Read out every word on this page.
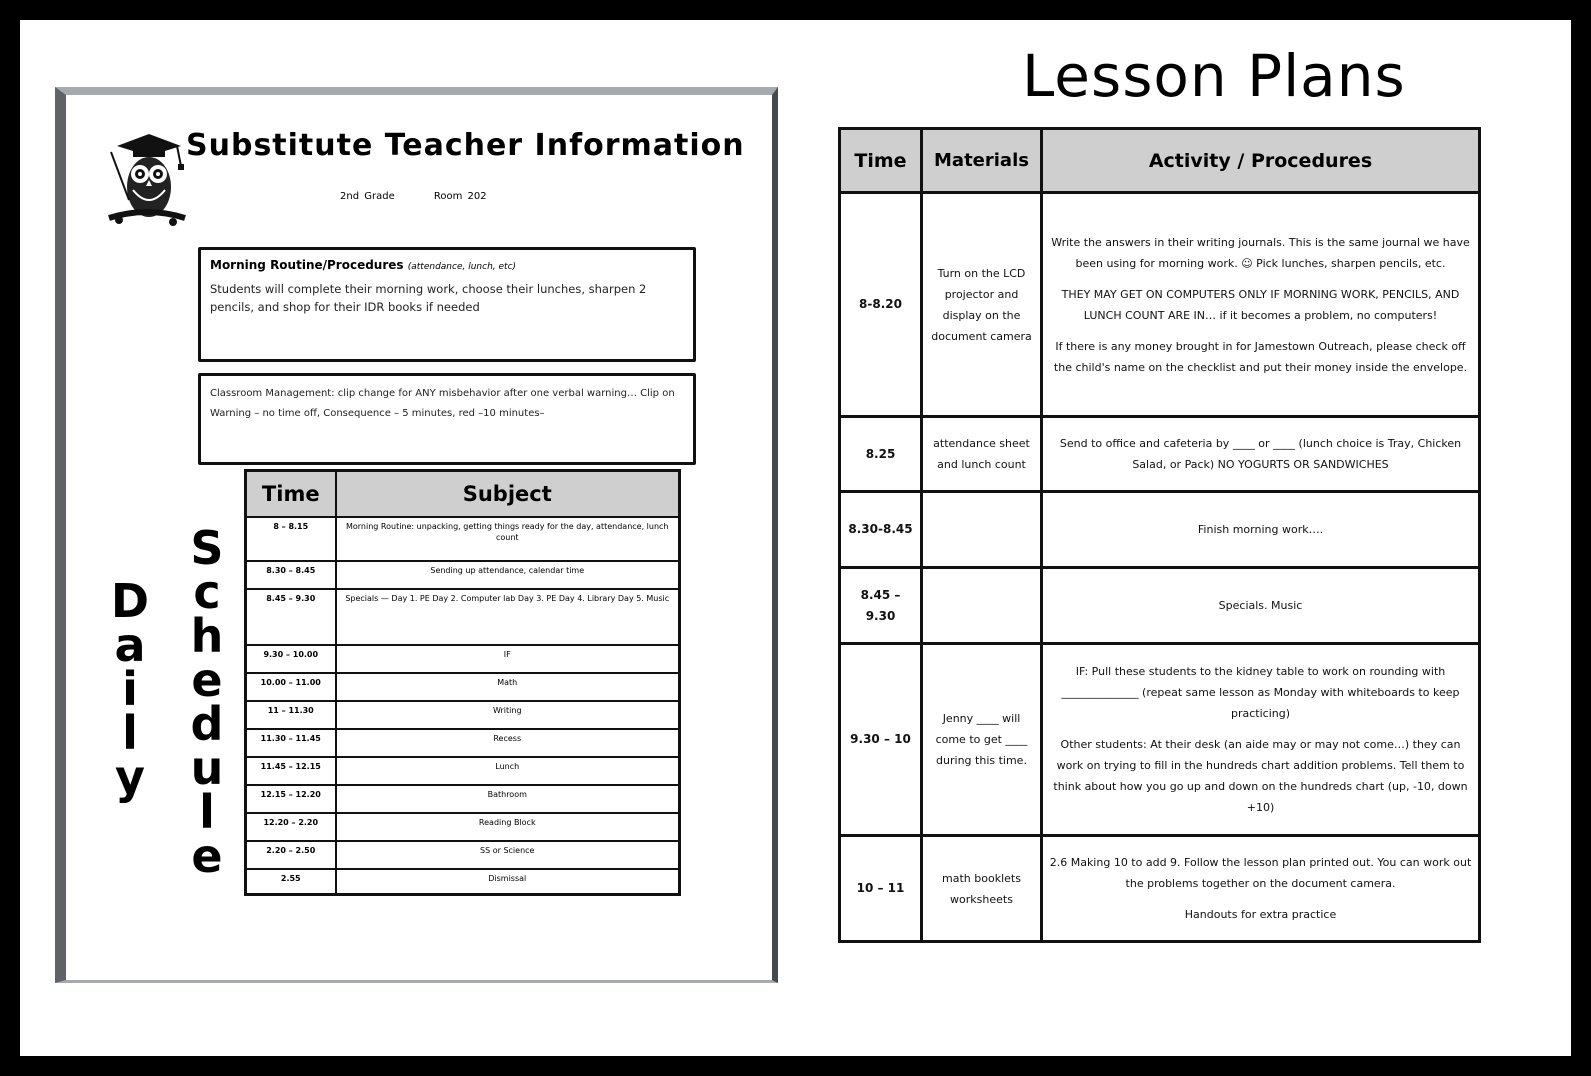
Substitute Teacher Information
2nd Grade	Room 202
Morning Routine/Procedures (attendance, lunch, etc)
Students will complete their morning work, choose their lunches, sharpen 2 pencils, and shop for their IDR books if needed
Classroom Management: clip change for ANY misbehavior after one verbal warning… Clip on Warning – no time off, Consequence – 5 minutes, red –10 minutes–
D
a
i
l
y
S
c
h
e
d
u
l
e
Time	Subject
8 – 8.15	Morning Routine: unpacking, getting things ready for the day, attendance, lunch count
8.30 – 8.45	Sending up attendance, calendar time
8.45 – 9.30	Specials — Day 1. PE Day 2. Computer lab Day 3. PE Day 4. Library Day 5. Music
9.30 – 10.00	IF
10.00 – 11.00	Math
11 – 11.30	Writing
11.30 – 11.45	Recess
11.45 – 12.15	Lunch
12.15 – 12.20	Bathroom
12.20 – 2.20	Reading Block
2.20 – 2.50	SS or Science
2.55	Dismissal
Lesson Plans
Time	Materials	Activity / Procedures
8-8.20	Turn on the LCD projector and display on the document camera	Write the answers in their writing journals. This is the same journal we have been using for morning work. ☺ Pick lunches, sharpen pencils, etc.

THEY MAY GET ON COMPUTERS ONLY IF MORNING WORK, PENCILS, AND LUNCH COUNT ARE IN… if it becomes a problem, no computers!

If there is any money brought in for Jamestown Outreach, please check off the child's name on the checklist and put their money inside the envelope.

8.25	attendance sheet and lunch count	Send to office and cafeteria by ____ or ____ (lunch choice is Tray, Chicken Salad, or Pack) NO YOGURTS OR SANDWICHES

8.30-8.45		Finish morning work….

8.45 – 9.30		Specials. Music

9.30 – 10	Jenny ____ will come to get ____ during this time.	IF: Pull these students to the kidney table to work on rounding with ______________ (repeat same lesson as Monday with whiteboards to keep practicing)

Other students: At their desk (an aide may or may not come…) they can work on trying to fill in the hundreds chart addition problems. Tell them to think about how you go up and down on the hundreds chart (up, -10, down +10)

10 – 11	math booklets worksheets	2.6 Making 10 to add 9. Follow the lesson plan printed out. You can work out the problems together on the document camera.

Handouts for extra practice
